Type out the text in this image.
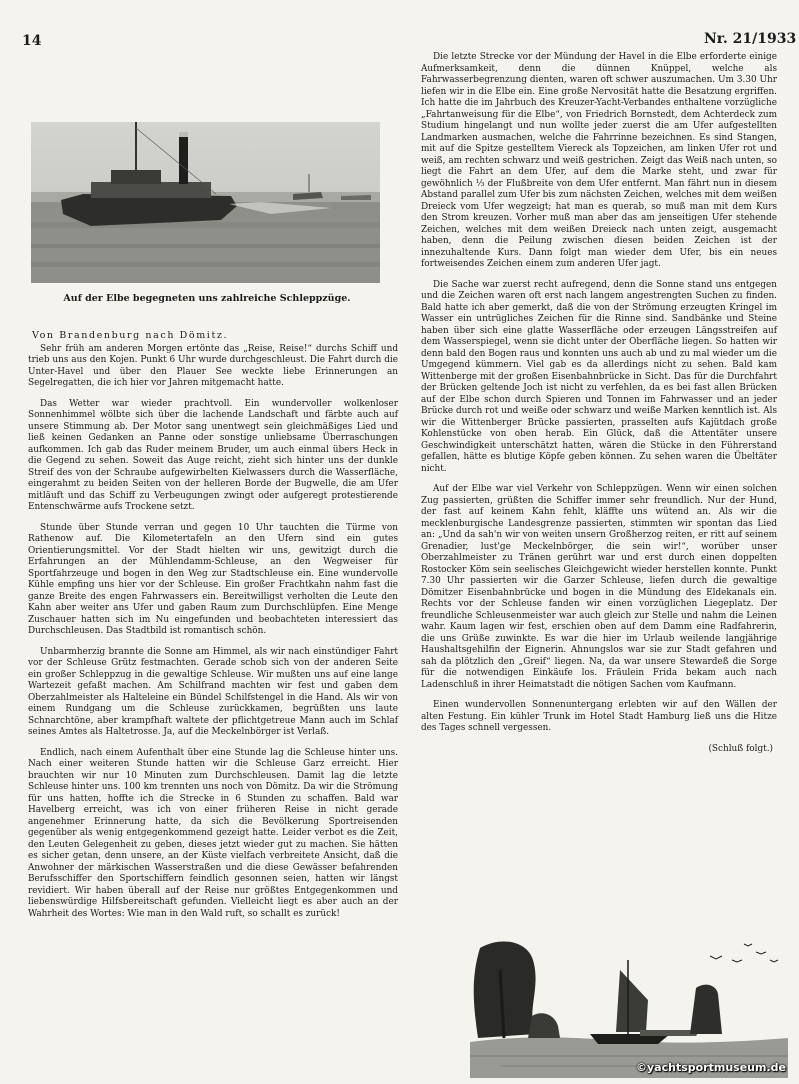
14	Nr. 21/1933
Auf der Elbe begegneten uns zahlreiche Schleppzüge.
Von Brandenburg nach Dömitz.

Sehr früh am anderen Morgen ertönte das „Reise, Reise!“ durchs Schiff und trieb uns aus den Kojen. Punkt 6 Uhr wurde durchgeschleust. Die Fahrt durch die Unter-Havel und über den Plauer See weckte liebe Erinnerungen an Segelregatten, die ich hier vor Jahren mitgemacht hatte.

Das Wetter war wieder prachtvoll. Ein wundervoller wolkenloser Sonnenhimmel wölbte sich über die lachende Landschaft und färbte auch auf unsere Stimmung ab. Der Motor sang unentwegt sein gleichmäßiges Lied und ließ keinen Gedanken an Panne oder sonstige unliebsame Überraschungen aufkommen. Ich gab das Ruder meinem Bruder, um auch einmal übers Heck in die Gegend zu sehen. Soweit das Auge reicht, zieht sich hinter uns der dunkle Streif des von der Schraube aufgewirbelten Kielwassers durch die Wasserfläche, eingerahmt zu beiden Seiten von der helleren Borde der Bugwelle, die am Ufer mitläuft und das Schiff zu Verbeugungen zwingt oder aufgeregt protestierende Entenschwärme aufs Trockene setzt.

Stunde über Stunde verran und gegen 10 Uhr tauchten die Türme von Rathenow auf. Die Kilometertafeln an den Ufern sind ein gutes Orientierungsmittel. Vor der Stadt hielten wir uns, gewitzigt durch die Erfahrungen an der Mühlendamm-Schleuse, an den Wegweiser für Sportfahrzeuge und bogen in den Weg zur Stadtschleuse ein. Eine wundervolle Kühle empfing uns hier vor der Schleuse. Ein großer Frachtkahn nahm fast die ganze Breite des engen Fahrwassers ein. Bereitwilligst verholten die Leute den Kahn aber weiter ans Ufer und gaben Raum zum Durchschlüpfen. Eine Menge Zuschauer hatten sich im Nu eingefunden und beobachteten interessiert das Durchschleusen. Das Stadtbild ist romantisch schön.

Unbarmherzig brannte die Sonne am Himmel, als wir nach einstündiger Fahrt vor der Schleuse Grütz festmachten. Gerade schob sich von der anderen Seite ein großer Schleppzug in die gewaltige Schleuse. Wir mußten uns auf eine lange Wartezeit gefaßt machen. Am Schilfrand machten wir fest und gaben dem Oberzahlmeister als Halteleine ein Bündel Schilfstengel in die Hand. Als wir von einem Rundgang um die Schleuse zurückkamen, begrüßten uns laute Schnarchtöne, aber krampfhaft waltete der pflichtgetreue Mann auch im Schlaf seines Amtes als Haltetrosse. Ja, auf die Meckelnbörger ist Verlaß.

Endlich, nach einem Aufenthalt über eine Stunde lag die Schleuse hinter uns. Nach einer weiteren Stunde hatten wir die Schleuse Garz erreicht. Hier brauchten wir nur 10 Minuten zum Durchschleusen. Damit lag die letzte Schleuse hinter uns. 100 km trennten uns noch von Dömitz. Da wir die Strömung für uns hatten, hoffte ich die Strecke in 6 Stunden zu schaffen. Bald war Havelberg erreicht, was ich von einer früheren Reise in nicht gerade angenehmer Erinnerung hatte, da sich die Bevölkerung Sportreisenden gegenüber als wenig entgegenkommend gezeigt hatte. Leider verbot es die Zeit, den Leuten Gelegenheit zu geben, dieses jetzt wieder gut zu machen. Sie hätten es sicher getan, denn unsere, an der Küste vielfach verbreitete Ansicht, daß die Anwohner der märkischen Wasserstraßen und die diese Gewässer befahrenden Berufsschiffer den Sportschiffern feindlich gesonnen seien, hatten wir längst revidiert. Wir haben überall auf der Reise nur größtes Entgegenkommen und liebenswürdige Hilfsbereitschaft gefunden. Vielleicht liegt es aber auch an der Wahrheit des Wortes: Wie man in den Wald ruft, so schallt es zurück!

Die letzte Strecke vor der Mündung der Havel in die Elbe erforderte einige Aufmerksamkeit, denn die dünnen Knüppel, welche als Fahrwasserbegrenzung dienten, waren oft schwer auszumachen. Um 3.30 Uhr liefen wir in die Elbe ein. Eine große Nervosität hatte die Besatzung ergriffen. Ich hatte die im Jahrbuch des Kreuzer-Yacht-Verbandes enthaltene vorzügliche „Fahrtanweisung für die Elbe“, von Friedrich Bornstedt, dem Achterdeck zum Studium hingelangt und nun wollte jeder zuerst die am Ufer aufgestellten Landmarken ausmachen, welche die Fahrrinne bezeichnen. Es sind Stangen, mit auf die Spitze gestelltem Viereck als Topzeichen, am linken Ufer rot und weiß, am rechten schwarz und weiß gestrichen. Zeigt das Weiß nach unten, so liegt die Fahrt an dem Ufer, auf dem die Marke steht, und zwar für gewöhnlich ⅓ der Flußbreite von dem Ufer entfernt. Man fährt nun in diesem Abstand parallel zum Ufer bis zum nächsten Zeichen, welches mit dem weißen Dreieck vom Ufer wegzeigt; hat man es querab, so muß man mit dem Kurs den Strom kreuzen. Vorher muß man aber das am jenseitigen Ufer stehende Zeichen, welches mit dem weißen Dreieck nach unten zeigt, ausgemacht haben, denn die Peilung zwischen diesen beiden Zeichen ist der innezuhaltende Kurs. Dann folgt man wieder dem Ufer, bis ein neues fortweisendes Zeichen einem zum anderen Ufer jagt.

Die Sache war zuerst recht aufregend, denn die Sonne stand uns entgegen und die Zeichen waren oft erst nach langem angestrengten Suchen zu finden. Bald hatte ich aber gemerkt, daß die von der Strömung erzeugten Kringel im Wasser ein untrügliches Zeichen für die Rinne sind. Sandbänke und Steine haben über sich eine glatte Wasserfläche oder erzeugen Längsstreifen auf dem Wasserspiegel, wenn sie dicht unter der Oberfläche liegen. So hatten wir denn bald den Bogen raus und konnten uns auch ab und zu mal wieder um die Umgegend kümmern. Viel gab es da allerdings nicht zu sehen. Bald kam Wittenberge mit der großen Eisenbahnbrücke in Sicht. Das für die Durchfahrt der Brücken geltende Joch ist nicht zu verfehlen, da es bei fast allen Brücken auf der Elbe schon durch Spieren und Tonnen im Fahrwasser und an jeder Brücke durch rot und weiße oder schwarz und weiße Marken kenntlich ist. Als wir die Wittenberger Brücke passierten, prasselten aufs Kajütdach große Kohlenstücke von oben herab. Ein Glück, daß die Attentäter unsere Geschwindigkeit unterschätzt hatten, wären die Stücke in den Führerstand gefallen, hätte es blutige Köpfe geben können. Zu sehen waren die Übeltäter nicht.

Auf der Elbe war viel Verkehr von Schleppzügen. Wenn wir einen solchen Zug passierten, grüßten die Schiffer immer sehr freundlich. Nur der Hund, der fast auf keinem Kahn fehlt, kläffte uns wütend an. Als wir die mecklenburgische Landesgrenze passierten, stimmten wir spontan das Lied an: „Und da sah'n wir von weiten unsern Großherzog reiten, er ritt auf seinem Grenadier, lust'ge Meckelnbörger, die sein wir!“, worüber unser Oberzahlmeister zu Tränen gerührt war und erst durch einen doppelten Rostocker Köm sein seelisches Gleichgewicht wieder herstellen konnte. Punkt 7.30 Uhr passierten wir die Garzer Schleuse, liefen durch die gewaltige Dömitzer Eisenbahnbrücke und bogen in die Mündung des Eldekanals ein. Rechts vor der Schleuse fanden wir einen vorzüglichen Liegeplatz. Der freundliche Schleusenmeister war auch gleich zur Stelle und nahm die Leinen wahr. Kaum lagen wir fest, erschien oben auf dem Damm eine Radfahrerin, die uns Grüße zuwinkte. Es war die hier im Urlaub weilende langjährige Haushaltsgehilfin der Eignerin. Ahnungslos war sie zur Stadt gefahren und sah da plötzlich den „Greif“ liegen. Na, da war unsere Stewardeß die Sorge für die notwendigen Einkäufe los. Fräulein Frida bekam auch nach Ladenschluß in ihrer Heimatstadt die nötigen Sachen vom Kaufmann.

Einen wundervollen Sonnenuntergang erlebten wir auf den Wällen der alten Festung. Ein kühler Trunk im Hotel Stadt Hamburg ließ uns die Hitze des Tages schnell vergessen.

(Schluß folgt.)
©yachtsportmuseum.de
